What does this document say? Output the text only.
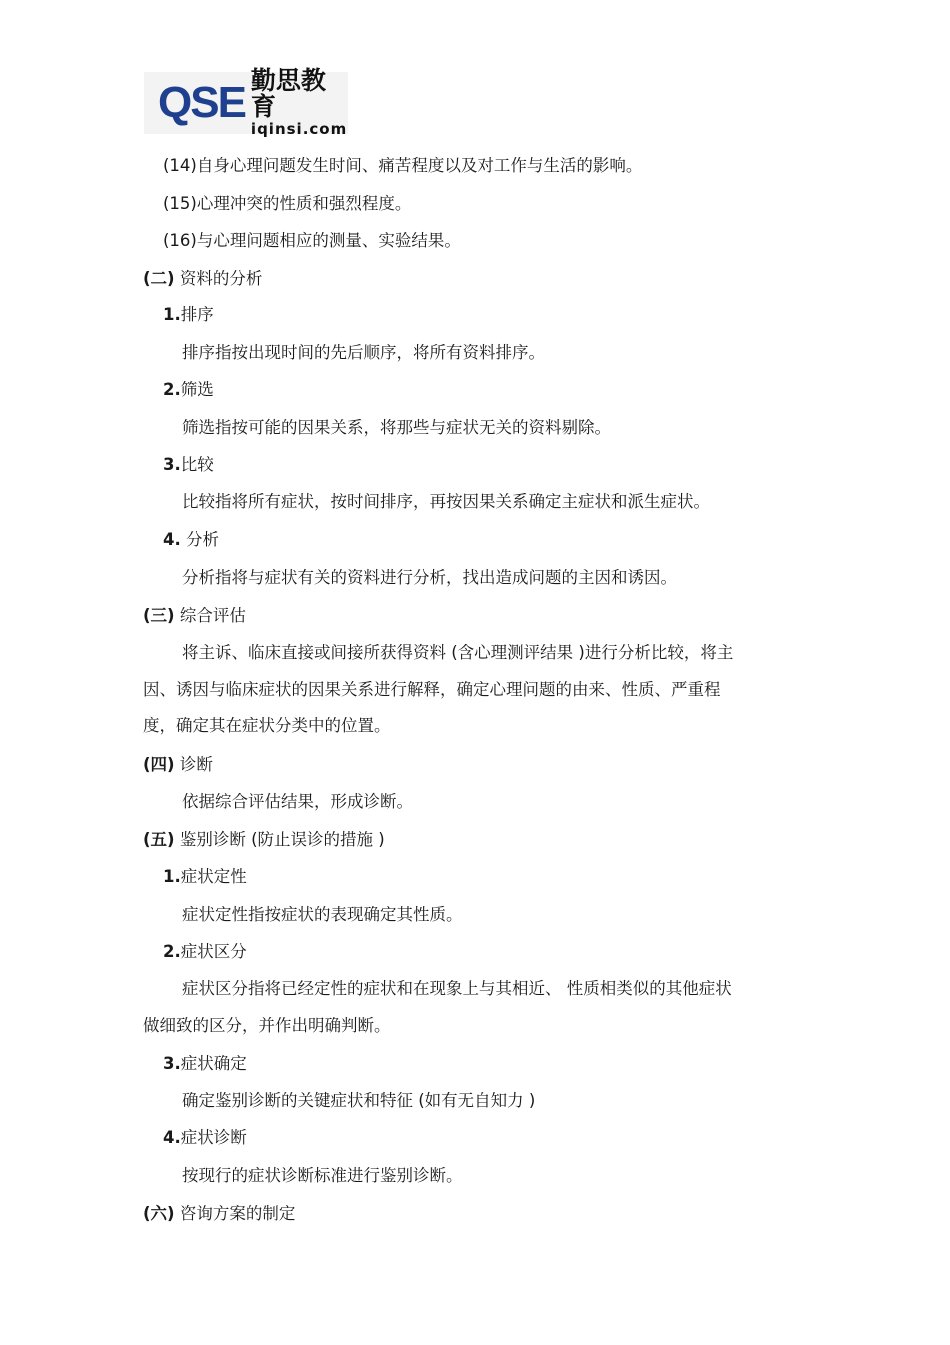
QSE 勤思教育
iqinsi.com
(14)自身心理问题发生时间、痛苦程度以及对工作与生活的影响。
(15)心理冲突的性质和强烈程度。
(16)与心理问题相应的测量、实验结果。
(二) 资料的分析
1.排序
排序指按出现时间的先后顺序，将所有资料排序。
2.筛选
筛选指按可能的因果关系，将那些与症状无关的资料剔除。
3.比较
比较指将所有症状，按时间排序，再按因果关系确定主症状和派生症状。
4. 分析
分析指将与症状有关的资料进行分析，找出造成问题的主因和诱因。
(三) 综合评估
将主诉、临床直接或间接所获得资料 (含心理测评结果 )进行分析比较，将主
因、诱因与临床症状的因果关系进行解释，确定心理问题的由来、性质、严重程
度，确定其在症状分类中的位置。
(四) 诊断
依据综合评估结果，形成诊断。
(五) 鉴别诊断 (防止误诊的措施 )
1.症状定性
症状定性指按症状的表现确定其性质。
2.症状区分
症状区分指将已经定性的症状和在现象上与其相近、 性质相类似的其他症状
做细致的区分，并作出明确判断。
3.症状确定
确定鉴别诊断的关键症状和特征 (如有无自知力 )
4.症状诊断
按现行的症状诊断标准进行鉴别诊断。
(六) 咨询方案的制定
